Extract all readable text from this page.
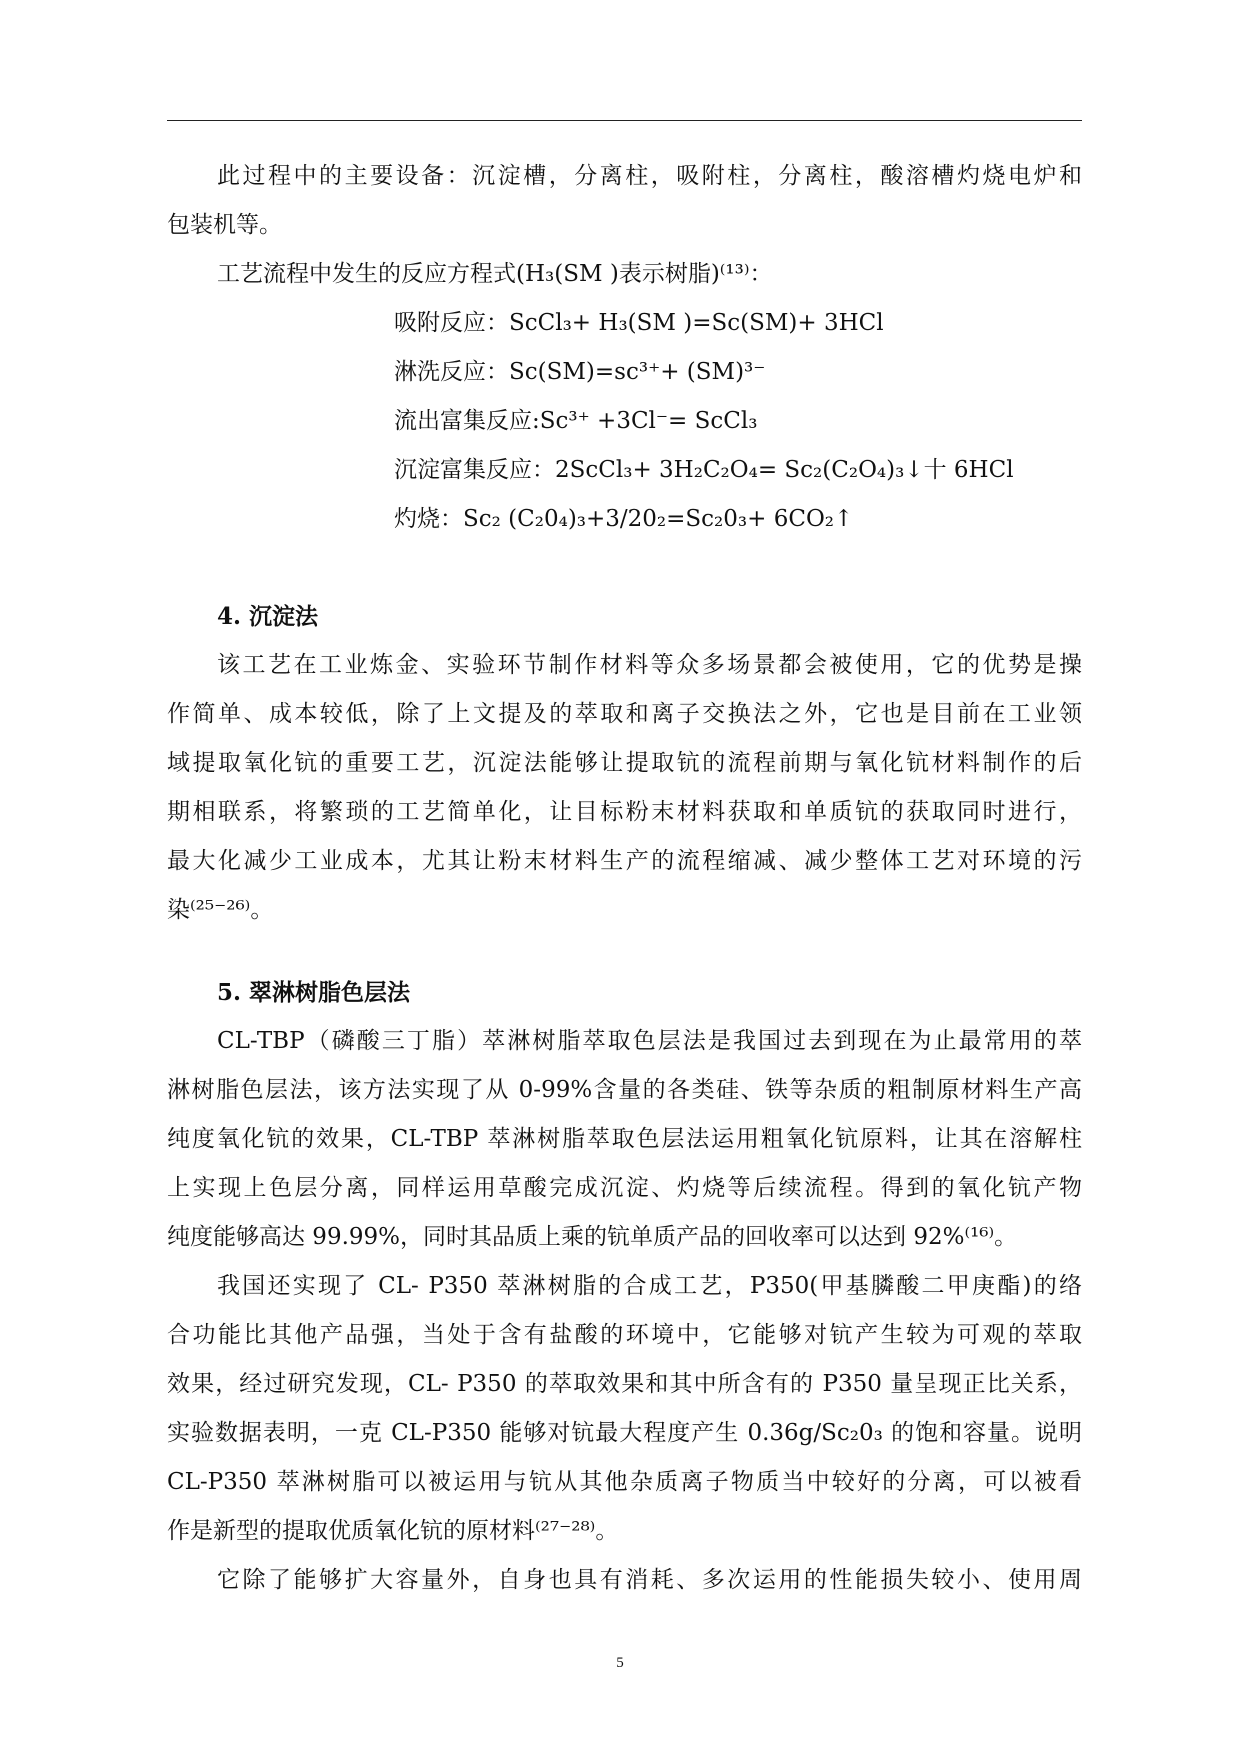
此过程中的主要设备：沉淀槽，分离柱，吸附柱，分离柱，酸溶槽灼烧电炉和
包装机等。
工艺流程中发生的反应方程式(H₃(SM )表示树脂)⁽¹³⁾：
吸附反应：ScCl₃+ H₃(SM )=Sc(SM)+ 3HCl
淋洗反应：Sc(SM)=sc³⁺+ (SM)³⁻
流出富集反应:Sc³⁺ +3Cl⁻= ScCl₃
沉淀富集反应：2ScCl₃+ 3H₂C₂O₄= Sc₂(C₂O₄)₃↓十 6HCl
灼烧：Sc₂ (C₂0₄)₃+3/20₂=Sc₂0₃+ 6CO₂↑
4. 沉淀法
该工艺在工业炼金、实验环节制作材料等众多场景都会被使用，它的优势是操
作简单、成本较低，除了上文提及的萃取和离子交换法之外，它也是目前在工业领
域提取氧化钪的重要工艺，沉淀法能够让提取钪的流程前期与氧化钪材料制作的后
期相联系，将繁琐的工艺简单化，让目标粉末材料获取和单质钪的获取同时进行，
最大化减少工业成本，尤其让粉末材料生产的流程缩减、减少整体工艺对环境的污
染⁽²⁵⁻²⁶⁾。
5. 翠淋树脂色层法
CL-TBP（磷酸三丁脂）萃淋树脂萃取色层法是我国过去到现在为止最常用的萃
淋树脂色层法，该方法实现了从 0-99%含量的各类硅、铁等杂质的粗制原材料生产高
纯度氧化钪的效果，CL-TBP 萃淋树脂萃取色层法运用粗氧化钪原料，让其在溶解柱
上实现上色层分离，同样运用草酸完成沉淀、灼烧等后续流程。得到的氧化钪产物
纯度能够高达 99.99%，同时其品质上乘的钪单质产品的回收率可以达到 92%⁽¹⁶⁾。
我国还实现了 CL- P350 萃淋树脂的合成工艺，P350(甲基膦酸二甲庚酯)的络
合功能比其他产品强，当处于含有盐酸的环境中，它能够对钪产生较为可观的萃取
效果，经过研究发现，CL- P350 的萃取效果和其中所含有的 P350 量呈现正比关系，
实验数据表明，一克 CL-P350 能够对钪最大程度产生 0.36g/Sc₂0₃ 的饱和容量。说明
CL-P350 萃淋树脂可以被运用与钪从其他杂质离子物质当中较好的分离，可以被看
作是新型的提取优质氧化钪的原材料⁽²⁷⁻²⁸⁾。
它除了能够扩大容量外，自身也具有消耗、多次运用的性能损失较小、使用周
5
